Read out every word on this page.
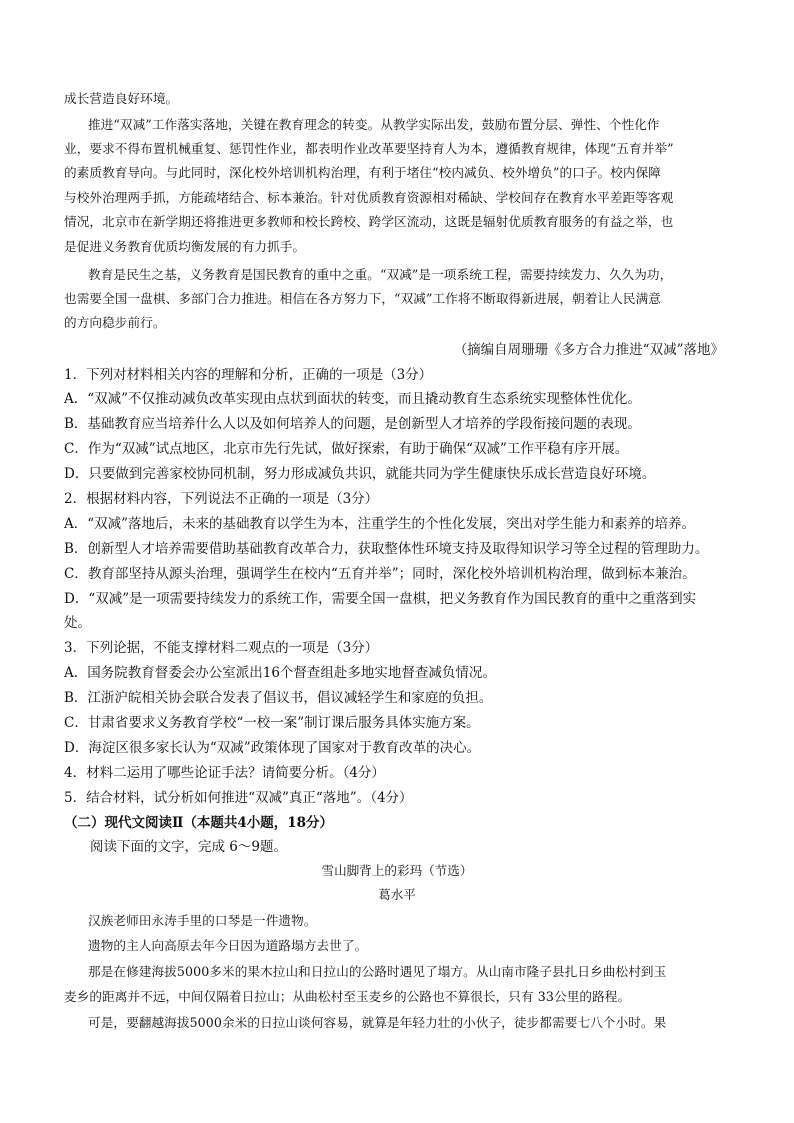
成长营造良好环境。
推进“双减”工作落实落地，关键在教育理念的转变。从教学实际出发，鼓励布置分层、弹性、个性化作
业，要求不得布置机械重复、惩罚性作业，都表明作业改革要坚持育人为本，遵循教育规律，体现“五育并举”
的素质教育导向。与此同时，深化校外培训机构治理，有利于堵住“校内减负、校外增负”的口子。校内保障
与校外治理两手抓，方能疏堵结合、标本兼治。针对优质教育资源相对稀缺、学校间存在教育水平差距等客观
情况，北京市在新学期还将推进更多教师和校长跨校、跨学区流动，这既是辐射优质教育服务的有益之举，也
是促进义务教育优质均衡发展的有力抓手。
教育是民生之基，义务教育是国民教育的重中之重。“双减”是一项系统工程，需要持续发力、久久为功，
也需要全国一盘棋、多部门合力推进。相信在各方努力下，“双减”工作将不断取得新进展，朝着让人民满意
的方向稳步前行。
（摘编自周珊珊《多方合力推进“双减”落地》
1．下列对材料相关内容的理解和分析，正确的一项是（3分）
A．“双减”不仅推动减负改革实现由点状到面状的转变，而且撬动教育生态系统实现整体性优化。
B．基础教育应当培养什么人以及如何培养人的问题，是创新型人才培养的学段衔接问题的表现。
C．作为“双减”试点地区，北京市先行先试，做好探索，有助于确保“双减”工作平稳有序开展。
D．只要做到完善家校协同机制，努力形成减负共识，就能共同为学生健康快乐成长营造良好环境。
2．根据材料内容，下列说法不正确的一项是（3分）
A．“双减”落地后，未来的基础教育以学生为本，注重学生的个性化发展，突出对学生能力和素养的培养。
B．创新型人才培养需要借助基础教育改革合力，获取整体性环境支持及取得知识学习等全过程的管理助力。
C．教育部坚持从源头治理，强调学生在校内“五育并举”；同时，深化校外培训机构治理，做到标本兼治。
D．“双减”是一项需要持续发力的系统工作，需要全国一盘棋，把义务教育作为国民教育的重中之重落到实
处。
3．下列论据，不能支撑材料二观点的一项是（3分）
A．国务院教育督委会办公室派出16个督查组赴多地实地督查减负情况。
B．江浙沪皖相关协会联合发表了倡议书，倡议减轻学生和家庭的负担。
C．甘肃省要求义务教育学校“一校一案”制订课后服务具体实施方案。
D．海淀区很多家长认为“双减”政策体现了国家对于教育改革的决心。
4．材料二运用了哪些论证手法？请简要分析。（4分）
5．结合材料，试分析如何推进“双减”真正“落地”。（4分）
（二）现代文阅读Ⅱ（本题共4小题，18分）
阅读下面的文字，完成 6～9题。
雪山脚背上的彩玛（节选）
葛水平
汉族老师田永涛手里的口琴是一件遗物。
遗物的主人向高原去年今日因为道路塌方去世了。
那是在修建海拔5000多米的果木拉山和日拉山的公路时遇见了塌方。从山南市隆子县扎日乡曲松村到玉
麦乡的距离并不远，中间仅隔着日拉山；从曲松村至玉麦乡的公路也不算很长，只有 33公里的路程。
可是，要翻越海拔5000余米的日拉山谈何容易，就算是年轻力壮的小伙子，徒步都需要七八个小时。果
